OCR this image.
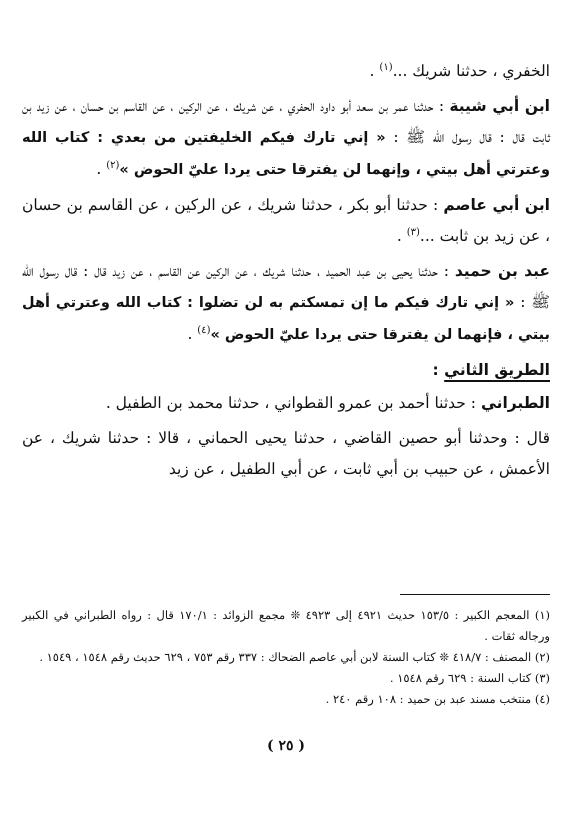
الخفري ، حدثنا شريك ...$^{(١)}$ .

ابن أبي شيبة : حدثنا عمر بن سعد أبو داود الحفري ، عن شريك ، عن الركين ، عن القاسم بن حسان ، عن زيد بن ثابت قال : قال رسول الله ﷺ : « إني تارك فيكم الخليفتين من بعدي : كتاب الله وعترتي أهل بيتي ، وإنهما لن يفترقا حتى يردا عليّ الحوض »$^{(٢)}$ .

ابن أبي عاصم : حدثنا أبو بكر ، حدثنا شريك ، عن الركين ، عن القاسم بن حسان ، عن زيد بن ثابت ...$^{(٣)}$ .

عبد بن حميد : حدثنا يحيى بن عبد الحميد ، حدثنا شريك ، عن الركين عن القاسم ، عن زيد قال : قال رسول الله ﷺ : « إني تارك فيكم ما إن تمسكتم به لن تضلوا : كتاب الله وعترتي أهل بيتي ، فإنهما لن يفترقا حتى يردا عليّ الحوض »$^{(٤)}$ .

الطريق الثاني :

الطبراني : حدثنا أحمد بن عمرو القطواني ، حدثنا محمد بن الطفيل .

قال : وحدثنا أبو حصين القاضي ، حدثنا يحيى الحماني ، قالا : حدثنا شريك ، عن الأعمش ، عن حبيب بن أبي ثابت ، عن أبي الطفيل ، عن زيد

(١) المعجم الكبير : ١٥٣/٥ حديث ٤٩٢١ إلى ٤٩٢٣ ❊ مجمع الزوائد : ١٧٠/١ قال : رواه الطبراني في الكبير ورجاله ثقات .

(٢) المصنف : ٤١٨/٧ ❊ كتاب السنة لابن أبي عاصم الضحاك : ٣٣٧ رقم ٧٥٣ ، ٦٢٩ حديث رقم ١٥٤٨ ، ١٥٤٩ .

(٣) كتاب السنة : ٦٢٩ رقم ١٥٤٨ .

(٤) منتخب مسند عبد بن حميد : ١٠٨ رقم ٢٤٠ .

( ٢٥ )
